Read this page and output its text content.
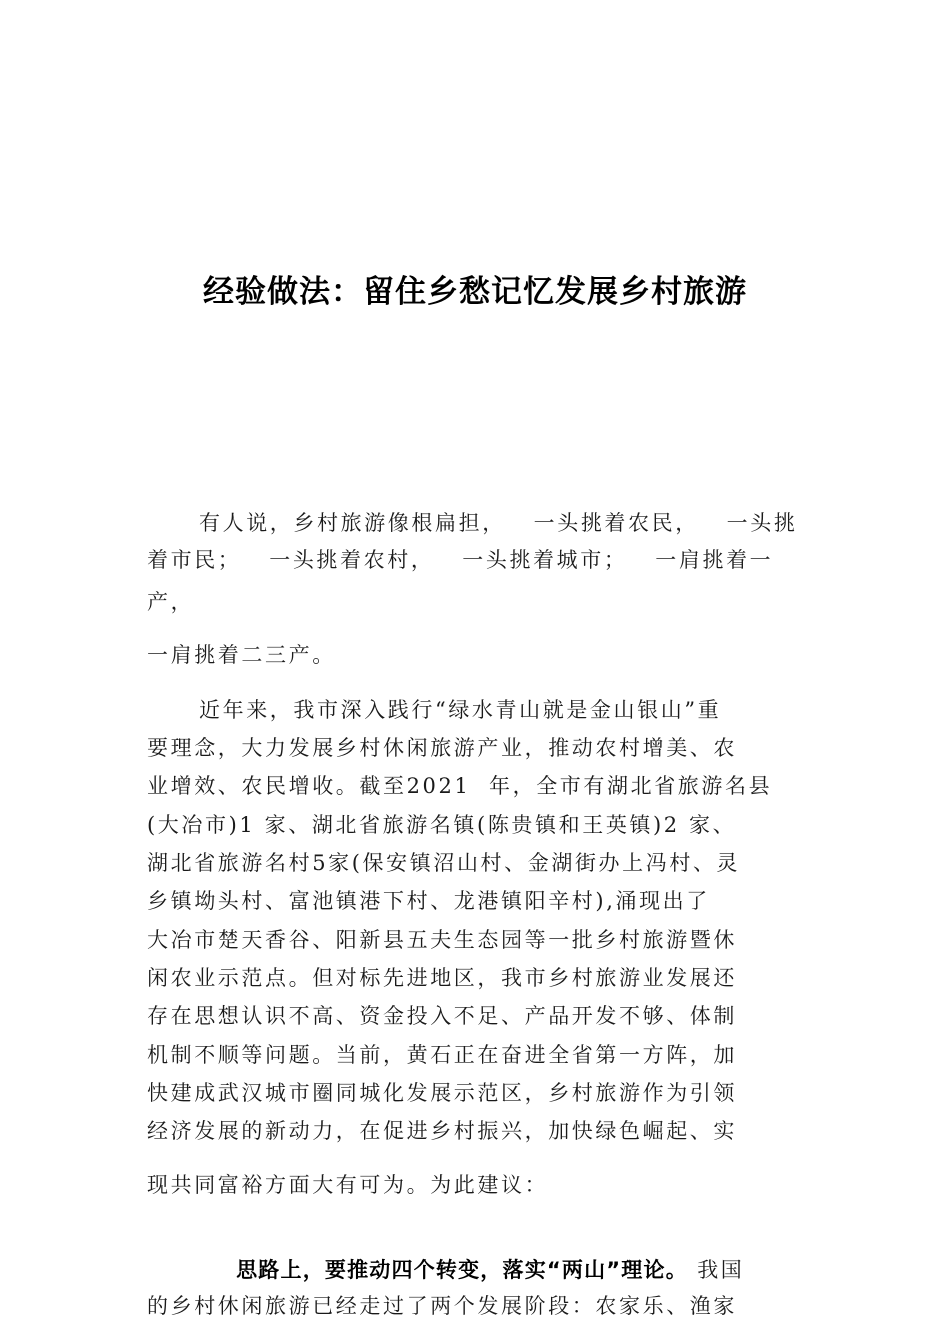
经验做法：留住乡愁记忆发展乡村旅游
有人说，乡村旅游像根扁担，   一头挑着农民，   一头挑
着市民；   一头挑着农村，   一头挑着城市；   一肩挑着一
产，
一肩挑着二三产。
近年来，我市深入践行“绿水青山就是金山银山”重
要理念，大力发展乡村休闲旅游产业，推动农村增美、农
业增效、农民增收。截至2021  年，全市有湖北省旅游名县
(大冶市)1 家、湖北省旅游名镇(陈贵镇和王英镇)2 家、
湖北省旅游名村5家(保安镇沼山村、金湖街办上冯村、灵
乡镇坳头村、富池镇港下村、龙港镇阳辛村),涌现出了
大冶市楚天香谷、阳新县五夫生态园等一批乡村旅游暨休
闲农业示范点。但对标先进地区，我市乡村旅游业发展还
存在思想认识不高、资金投入不足、产品开发不够、体制
机制不顺等问题。当前，黄石正在奋进全省第一方阵，加
快建成武汉城市圈同城化发展示范区，乡村旅游作为引领
经济发展的新动力，在促进乡村振兴，加快绿色崛起、实
现共同富裕方面大有可为。为此建议：

思路上，要推动四个转变，落实“两山”理论。 我国

的乡村休闲旅游已经走过了两个发展阶段：农家乐、渔家
